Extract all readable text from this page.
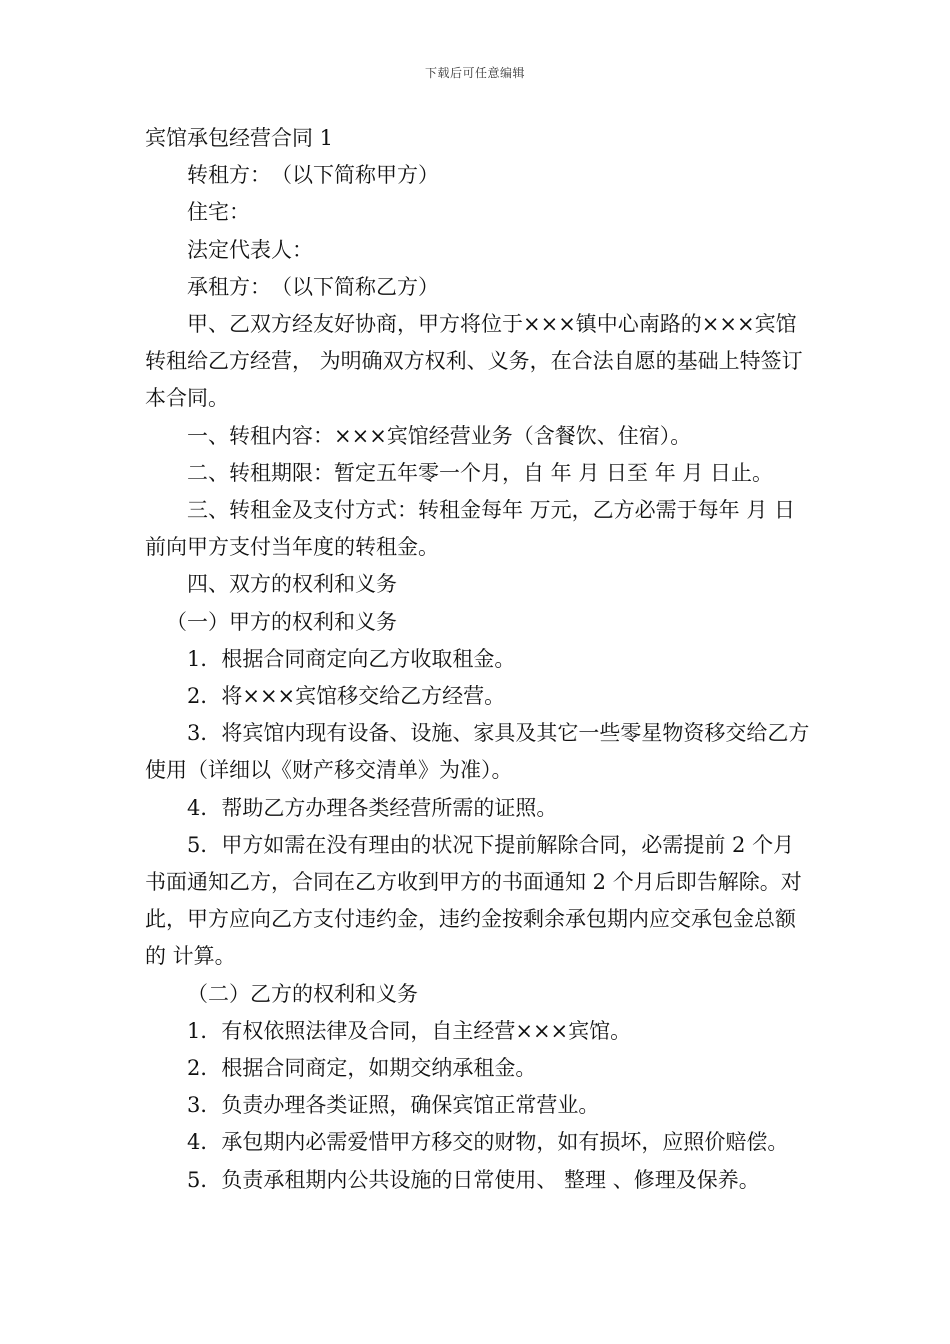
下载后可任意编辑

宾馆承包经营合同 1

转租方：　（以下简称甲方）

住宅：

法定代表人：

承租方：　（以下简称乙方）

甲、乙双方经友好协商，甲方将位于×××镇中心南路的×××宾馆转租给乙方经营， 为明确双方权利、义务，在合法自愿的基础上特签订本合同。

一、转租内容：×××宾馆经营业务（含餐饮、住宿）。

二、转租期限：暂定五年零一个月，自 年 月 日至 年 月 日止。

三、转租金及支付方式：转租金每年 万元，乙方必需于每年 月 日前向甲方支付当年度的转租金。

四、双方的权利和义务

（一）甲方的权利和义务

1．根据合同商定向乙方收取租金。

2．将×××宾馆移交给乙方经营。

3．将宾馆内现有设备、设施、家具及其它一些零星物资移交给乙方使用（详细以《财产移交清单》为准）。

4．帮助乙方办理各类经营所需的证照。

5．甲方如需在没有理由的状况下提前解除合同，必需提前 2 个月书面通知乙方，合同在乙方收到甲方的书面通知 2 个月后即告解除。对此，甲方应向乙方支付违约金，违约金按剩余承包期内应交承包金总额的 计算。

（二）乙方的权利和义务

1．有权依照法律及合同，自主经营×××宾馆。

2．根据合同商定，如期交纳承租金。

3．负责办理各类证照，确保宾馆正常营业。

4．承包期内必需爱惜甲方移交的财物，如有损坏，应照价赔偿。

5．负责承租期内公共设施的日常使用、 整理 、修理及保养。
